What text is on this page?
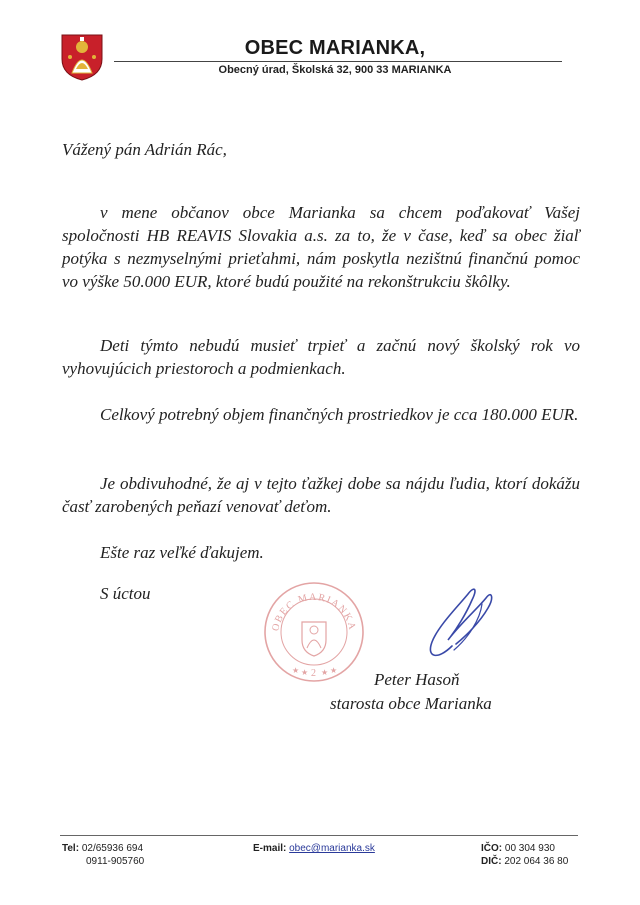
OBEC MARIANKA,
Obecný úrad, Školská 32, 900 33 MARIANKA
Vážený pán Adrián Rác,
v mene občanov obce Marianka sa chcem poďakovať Vašej spoločnosti HB REAVIS Slovakia a.s. za to, že v čase, keď sa obec žiaľ potýka s nezmyselnými prieťahmi, nám poskytla nezištnú finančnú pomoc vo výške 50.000 EUR, ktoré budú použité na rekonštrukciu škôlky.
Deti týmto nebudú musieť trpieť a začnú nový školský rok vo vyhovujúcich priestoroch a podmienkach.
Celkový potrebný objem finančných prostriedkov je cca 180.000 EUR.
Je obdivuhodné, že aj v tejto ťažkej dobe sa nájdu ľudia, ktorí dokážu časť zarobených peňazí venovať deťom.
Ešte raz veľké ďakujem.
S úctou
OBEC MARIANKA
★ ★ ★ ★
2	Peter Hasoň
starosta obce Marianka
Tel: 02/65936 694
0911-905760
E-mail: obec@marianka.sk	IČO: 00 304 930
DIČ: 202 064 36 80
